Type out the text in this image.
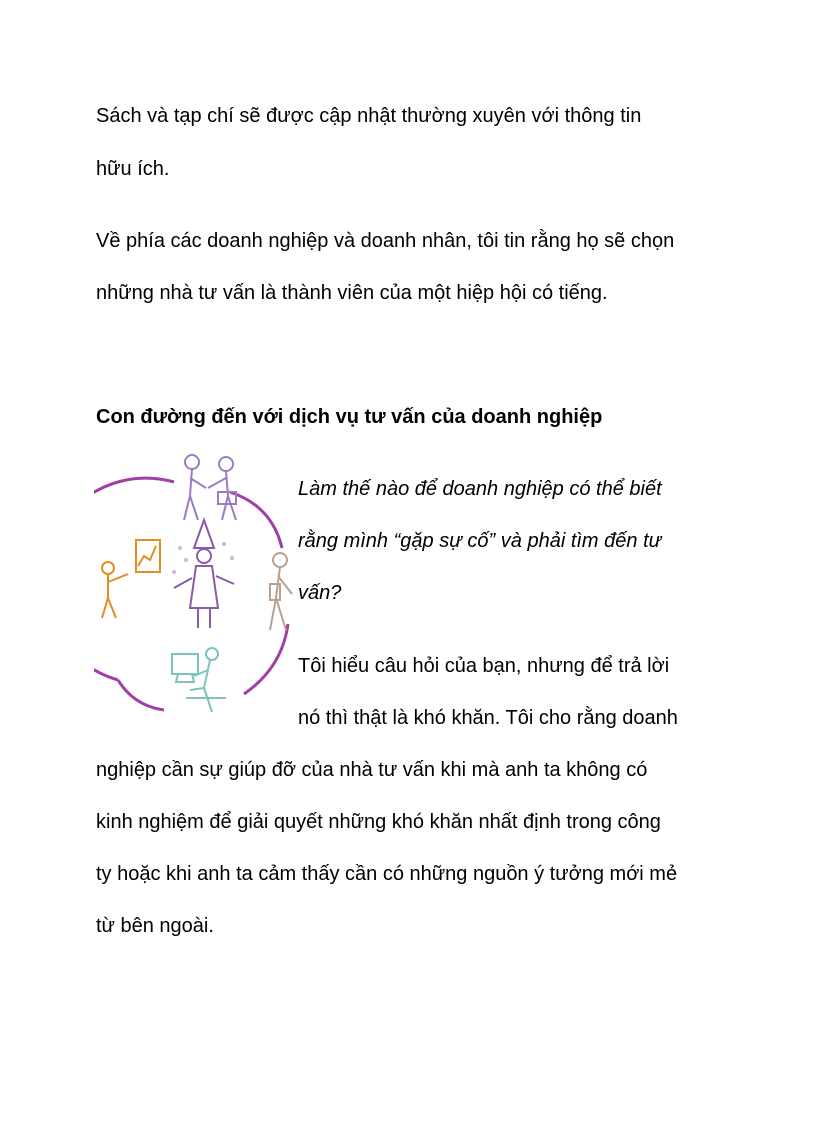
Sách và tạp chí sẽ được cập nhật thường xuyên với thông tin

hữu ích.

Về phía các doanh nghiệp và doanh nhân, tôi tin rằng họ sẽ chọn

những nhà tư vấn là thành viên của một hiệp hội có tiếng.

Con đường đến với dịch vụ tư vấn của doanh nghiệp

Làm thế nào để doanh nghiệp có thể biết

rằng mình “gặp sự cố” và phải tìm đến tư

vấn?

Tôi hiểu câu hỏi của bạn, nhưng để trả lời

nó thì thật là khó khăn. Tôi cho rằng doanh

nghiệp cần sự giúp đỡ của nhà tư vấn khi mà anh ta không có

kinh nghiệm để giải quyết những khó khăn nhất định trong công

ty hoặc khi anh ta cảm thấy cần có những nguồn ý tưởng mới mẻ

từ bên ngoài.
